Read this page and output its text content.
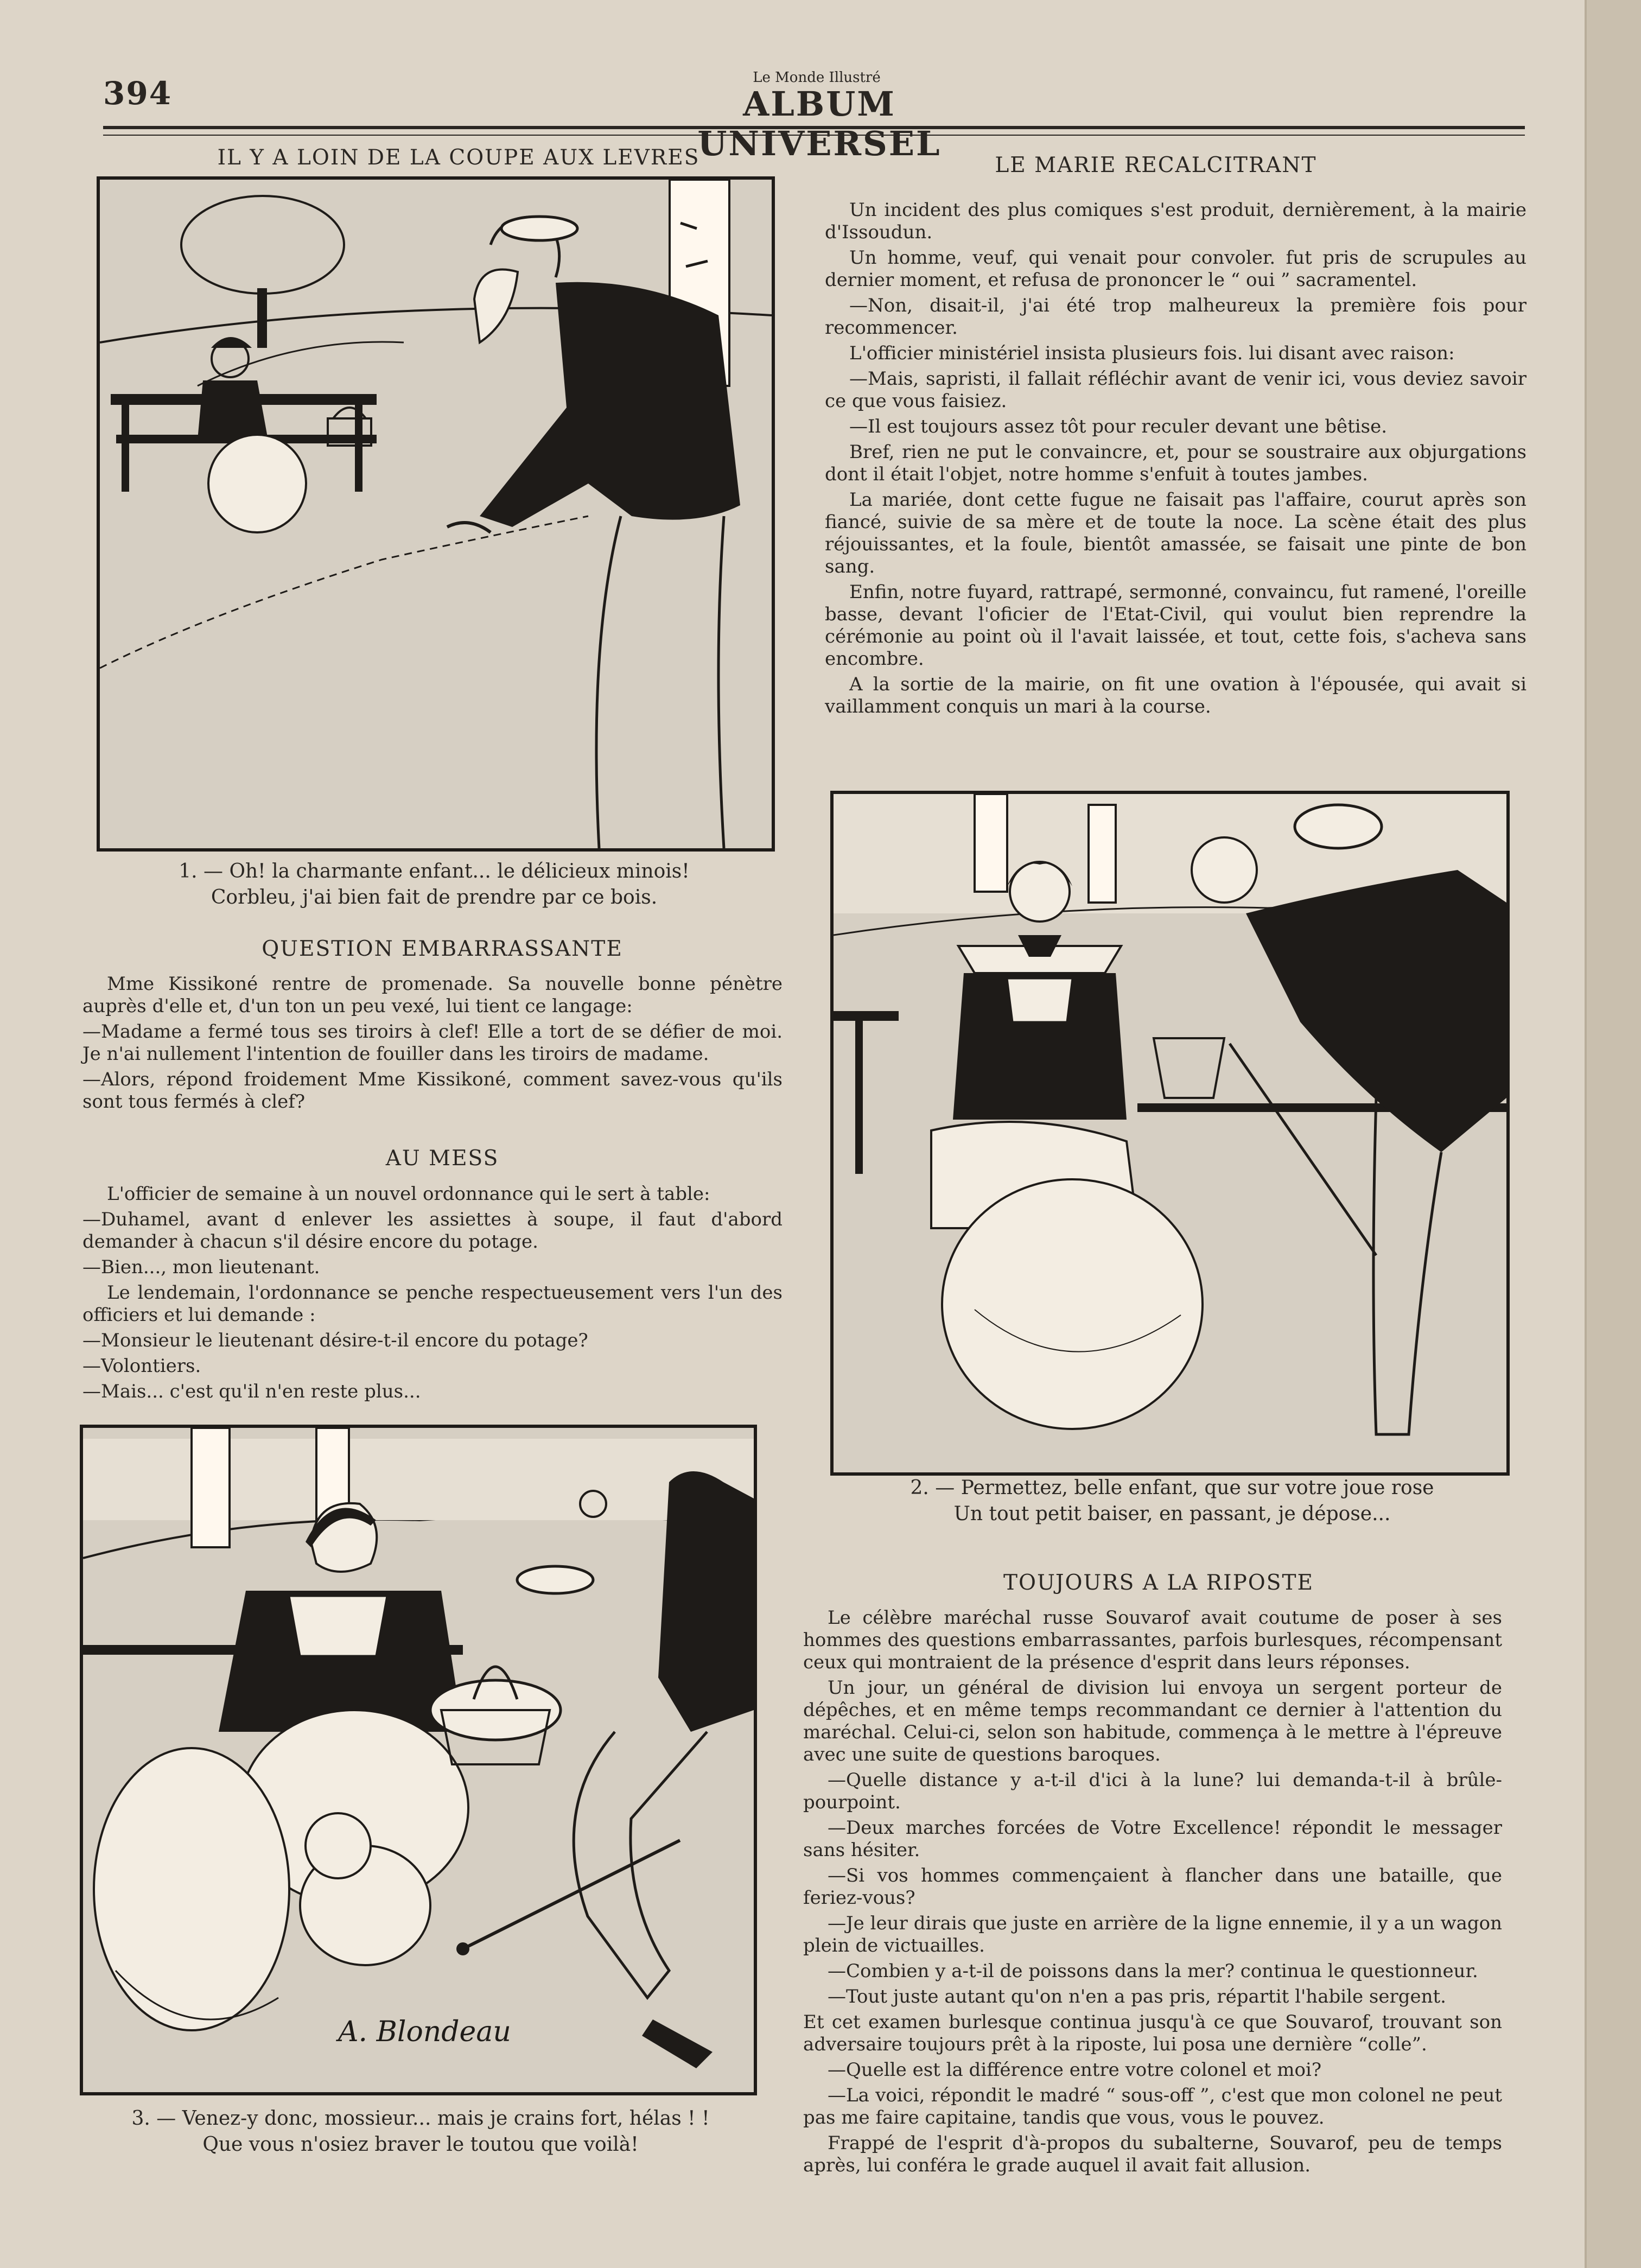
394	Le Monde Illustré
ALBUM UNIVERSEL
IL Y A LOIN DE LA COUPE AUX LEVRES
1. — Oh! la charmante enfant... le délicieux minois!
Corbleu, j'ai bien fait de prendre par ce bois.
QUESTION EMBARRASSANTE

Mme Kissikoné rentre de promenade. Sa nouvelle bonne pénètre auprès d'elle et, d'un ton un peu vexé, lui tient ce langage:

—Madame a fermé tous ses tiroirs à clef! Elle a tort de se défier de moi. Je n'ai nullement l'intention de fouiller dans les tiroirs de madame.

—Alors, répond froidement Mme Kissikoné, comment savez-vous qu'ils sont tous fermés à clef?

AU MESS

L'officier de semaine à un nouvel ordonnance qui le sert à table:

—Duhamel, avant d enlever les assiettes à soupe, il faut d'abord demander à chacun s'il désire encore du potage.

—Bien..., mon lieutenant.

Le lendemain, l'ordonnance se penche respectueusement vers l'un des officiers et lui demande :

—Monsieur le lieutenant désire-t-il encore du potage?

—Volontiers.

—Mais... c'est qu'il n'en reste plus...

A. Blondeau
3. — Venez-y donc, mossieur... mais je crains fort, hélas ! !
Que vous n'osiez braver le toutou que voilà!
LE MARIE RECALCITRANT

Un incident des plus comiques s'est produit, dernièrement, à la mairie d'Issoudun.

Un homme, veuf, qui venait pour convoler. fut pris de scrupules au dernier moment, et refusa de prononcer le “ oui ” sacramentel.

—Non, disait-il, j'ai été trop malheureux la première fois pour recommencer.

L'officier ministériel insista plusieurs fois. lui disant avec raison:

—Mais, sapristi, il fallait réfléchir avant de venir ici, vous deviez savoir ce que vous faisiez.

—Il est toujours assez tôt pour reculer devant une bêtise.

Bref, rien ne put le convaincre, et, pour se soustraire aux objurgations dont il était l'objet, notre homme s'enfuit à toutes jambes.

La mariée, dont cette fugue ne faisait pas l'affaire, courut après son fiancé, suivie de sa mère et de toute la noce. La scène était des plus réjouissantes, et la foule, bientôt amassée, se faisait une pinte de bon sang.

Enfin, notre fuyard, rattrapé, sermonné, convaincu, fut ramené, l'oreille basse, devant l'oficier de l'Etat-Civil, qui voulut bien reprendre la cérémonie au point où il l'avait laissée, et tout, cette fois, s'acheva sans encombre.

A la sortie de la mairie, on fit une ovation à l'épousée, qui avait si vaillamment conquis un mari à la course.

2. — Permettez, belle enfant, que sur votre joue rose
Un tout petit baiser, en passant, je dépose...
TOUJOURS A LA RIPOSTE

Le célèbre maréchal russe Souvarof avait coutume de poser à ses hommes des questions embarrassantes, parfois burlesques, récompensant ceux qui montraient de la présence d'esprit dans leurs réponses.

Un jour, un général de division lui envoya un sergent porteur de dépêches, et en même temps recommandant ce dernier à l'attention du maréchal. Celui-ci, selon son habitude, commença à le mettre à l'épreuve avec une suite de questions baroques.

—Quelle distance y a-t-il d'ici à la lune? lui demanda-t-il à brûle-pourpoint.

—Deux marches forcées de Votre Excellence! répondit le messager sans hésiter.

—Si vos hommes commençaient à flancher dans une bataille, que feriez-vous?

—Je leur dirais que juste en arrière de la ligne ennemie, il y a un wagon plein de victuailles.

—Combien y a-t-il de poissons dans la mer? continua le questionneur.

—Tout juste autant qu'on n'en a pas pris, répartit l'habile sergent.

Et cet examen burlesque continua jusqu'à ce que Souvarof, trouvant son adversaire toujours prêt à la riposte, lui posa une dernière “colle”.

—Quelle est la différence entre votre colonel et moi?

—La voici, répondit le madré “ sous-off ”, c'est que mon colonel ne peut pas me faire capitaine, tandis que vous, vous le pouvez.

Frappé de l'esprit d'à-propos du subalterne, Souvarof, peu de temps après, lui conféra le grade auquel il avait fait allusion.
